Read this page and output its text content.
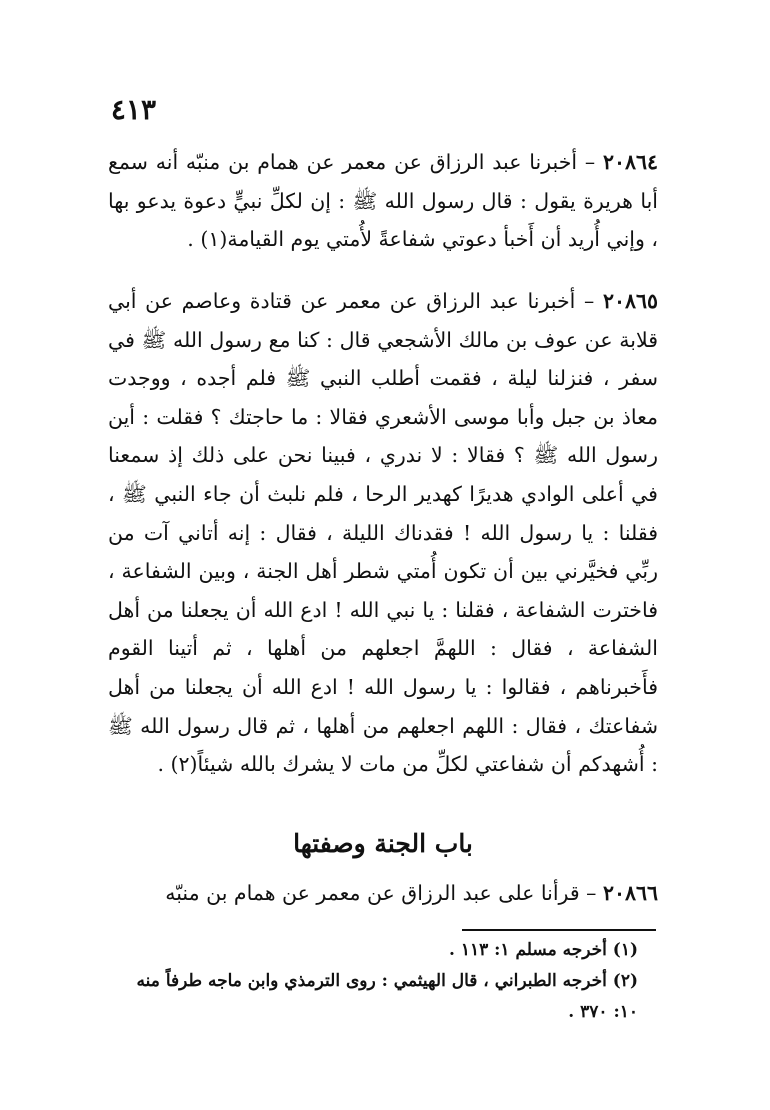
٤١٣

٢٠٨٦٤ – أخبرنا عبد الرزاق عن معمر عن همام بن منبّه أنه سمع أبا هريرة يقول : قال رسول الله ﷺ : إن لكلِّ نبيٍّ دعوة يدعو بها ، وإني أُريد أن أَخبأ دعوتي شفاعةً لأُمتي يوم القيامة(١) .

٢٠٨٦٥ – أخبرنا عبد الرزاق عن معمر عن قتادة وعاصم عن أبي قلابة عن عوف بن مالك الأشجعي قال : كنا مع رسول الله ﷺ في سفر ، فنزلنا ليلة ، فقمت أطلب النبي ﷺ فلم أجده ، ووجدت معاذ بن جبل وأبا موسى الأشعري فقالا : ما حاجتك ؟ فقلت : أين رسول الله ﷺ ؟ فقالا : لا ندري ، فبينا نحن على ذلك إذ سمعنا في أعلى الوادي هديرًا كهدير الرحا ، فلم نلبث أن جاء النبي ﷺ ، فقلنا : يا رسول الله ! فقدناك الليلة ، فقال : إنه أتاني آت من ربِّي فخيَّرني بين أن تكون أُمتي شطر أهل الجنة ، وبين الشفاعة ، فاخترت الشفاعة ، فقلنا : يا نبي الله ! ادع الله أن يجعلنا من أهل الشفاعة ، فقال : اللهمَّ اجعلهم من أهلها ، ثم أتينا القوم فأَخبرناهم ، فقالوا : يا رسول الله ! ادع الله أن يجعلنا من أهل شفاعتك ، فقال : اللهم اجعلهم من أهلها ، ثم قال رسول الله ﷺ : أُشهدكم أن شفاعتي لكلِّ من مات لا يشرك بالله شيئاً(٢) .

باب الجنة وصفتها

٢٠٨٦٦ – قرأنا على عبد الرزاق عن معمر عن همام بن منبّه

(١) أخرجه مسلم ١: ١١٣ .

(٢) أخرجه الطبراني ، قال الهيثمي : روى الترمذي وابن ماجه طرفاً منه ١٠: ٣٧٠ .
